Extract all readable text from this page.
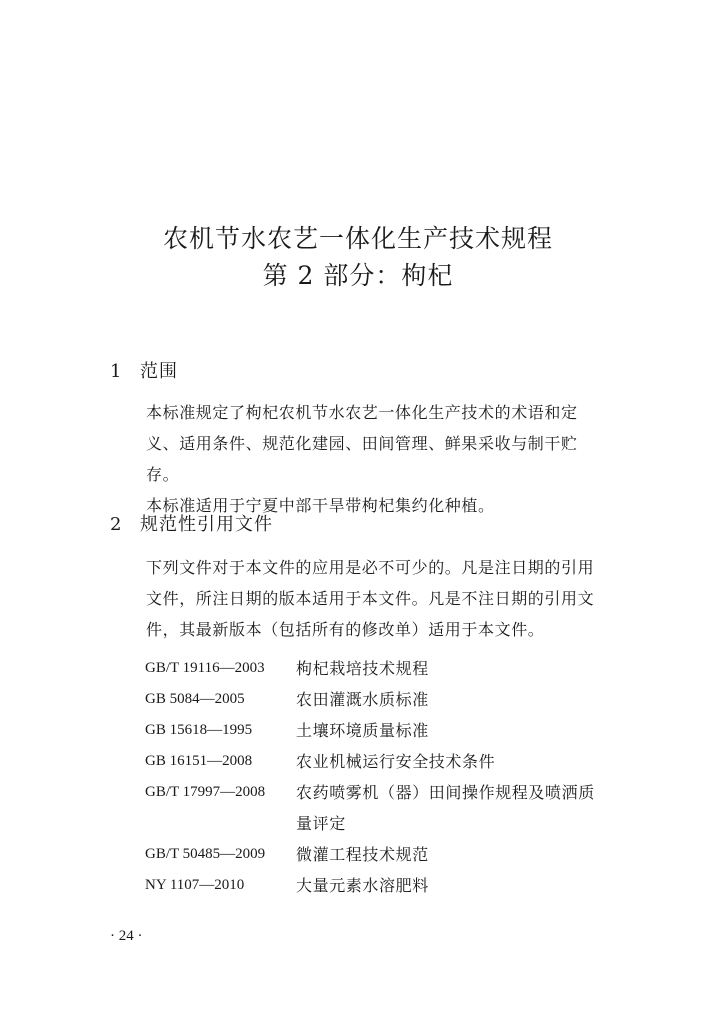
农机节水农艺一体化生产技术规程
第 2 部分：枸杞
1 范围
本标准规定了枸杞农机节水农艺一体化生产技术的术语和定义、适用条件、规范化建园、田间管理、鲜果采收与制干贮存。
本标准适用于宁夏中部干旱带枸杞集约化种植。
2 规范性引用文件
下列文件对于本文件的应用是必不可少的。凡是注日期的引用文件，所注日期的版本适用于本文件。凡是不注日期的引用文件，其最新版本（包括所有的修改单）适用于本文件。
GB/T 19116—2003	枸杞栽培技术规程
GB 5084—2005	农田灌溉水质标准
GB 15618—1995	土壤环境质量标准
GB 16151—2008	农业机械运行安全技术条件
GB/T 17997—2008	农药喷雾机（器）田间操作规程及喷洒质量评定
GB/T 50485—2009	微灌工程技术规范
NY 1107—2010	大量元素水溶肥料
· 24 ·
